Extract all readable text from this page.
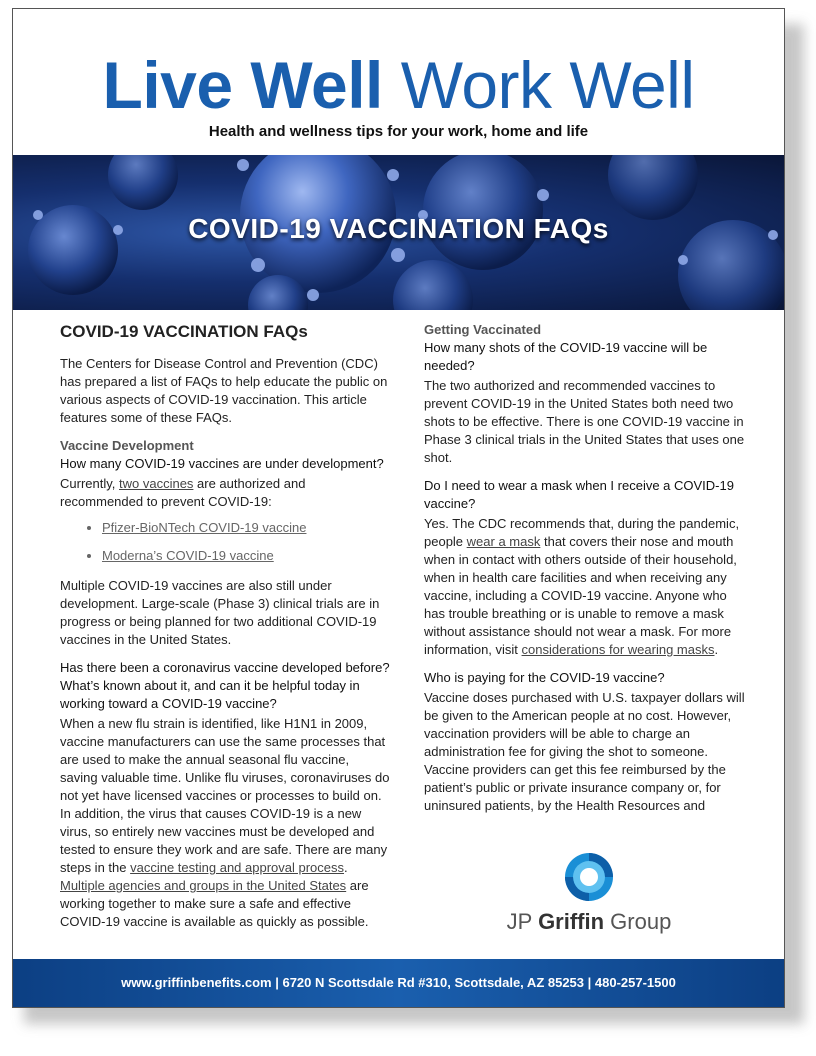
Live Well Work Well
Health and wellness tips for your work, home and life
COVID-19 VACCINATION FAQs
COVID-19 VACCINATION FAQs

The Centers for Disease Control and Prevention (CDC) has prepared a list of FAQs to help educate the public on various aspects of COVID-19 vaccination. This article features some of these FAQs.

Vaccine Development

How many COVID-19 vaccines are under development?

Currently, two vaccines are authorized and recommended to prevent COVID-19:

• Pfizer-BioNTech COVID-19 vaccine
• Moderna’s COVID-19 vaccine

Multiple COVID-19 vaccines are also still under development. Large-scale (Phase 3) clinical trials are in progress or being planned for two additional COVID-19 vaccines in the United States.

Has there been a coronavirus vaccine developed before? What’s known about it, and can it be helpful today in working toward a COVID-19 vaccine?

When a new flu strain is identified, like H1N1 in 2009, vaccine manufacturers can use the same processes that are used to make the annual seasonal flu vaccine, saving valuable time. Unlike flu viruses, coronaviruses do not yet have licensed vaccines or processes to build on. In addition, the virus that causes COVID-19 is a new virus, so entirely new vaccines must be developed and tested to ensure they work and are safe. There are many steps in the vaccine testing and approval process. Multiple agencies and groups in the United States are working together to make sure a safe and effective COVID-19 vaccine is available as quickly as possible.

Getting Vaccinated

How many shots of the COVID-19 vaccine will be needed?

The two authorized and recommended vaccines to prevent COVID-19 in the United States both need two shots to be effective. There is one COVID-19 vaccine in Phase 3 clinical trials in the United States that uses one shot.

Do I need to wear a mask when I receive a COVID-19 vaccine?

Yes. The CDC recommends that, during the pandemic, people wear a mask that covers their nose and mouth when in contact with others outside of their household, when in health care facilities and when receiving any vaccine, including a COVID-19 vaccine. Anyone who has trouble breathing or is unable to remove a mask without assistance should not wear a mask. For more information, visit considerations for wearing masks.

Who is paying for the COVID-19 vaccine?

Vaccine doses purchased with U.S. taxpayer dollars will be given to the American people at no cost. However, vaccination providers will be able to charge an administration fee for giving the shot to someone. Vaccine providers can get this fee reimbursed by the patient’s public or private insurance company or, for uninsured patients, by the Health Resources and

JP Griffin Group
www.griffinbenefits.com | 6720 N Scottsdale Rd #310, Scottsdale, AZ 85253 | 480-257-1500
